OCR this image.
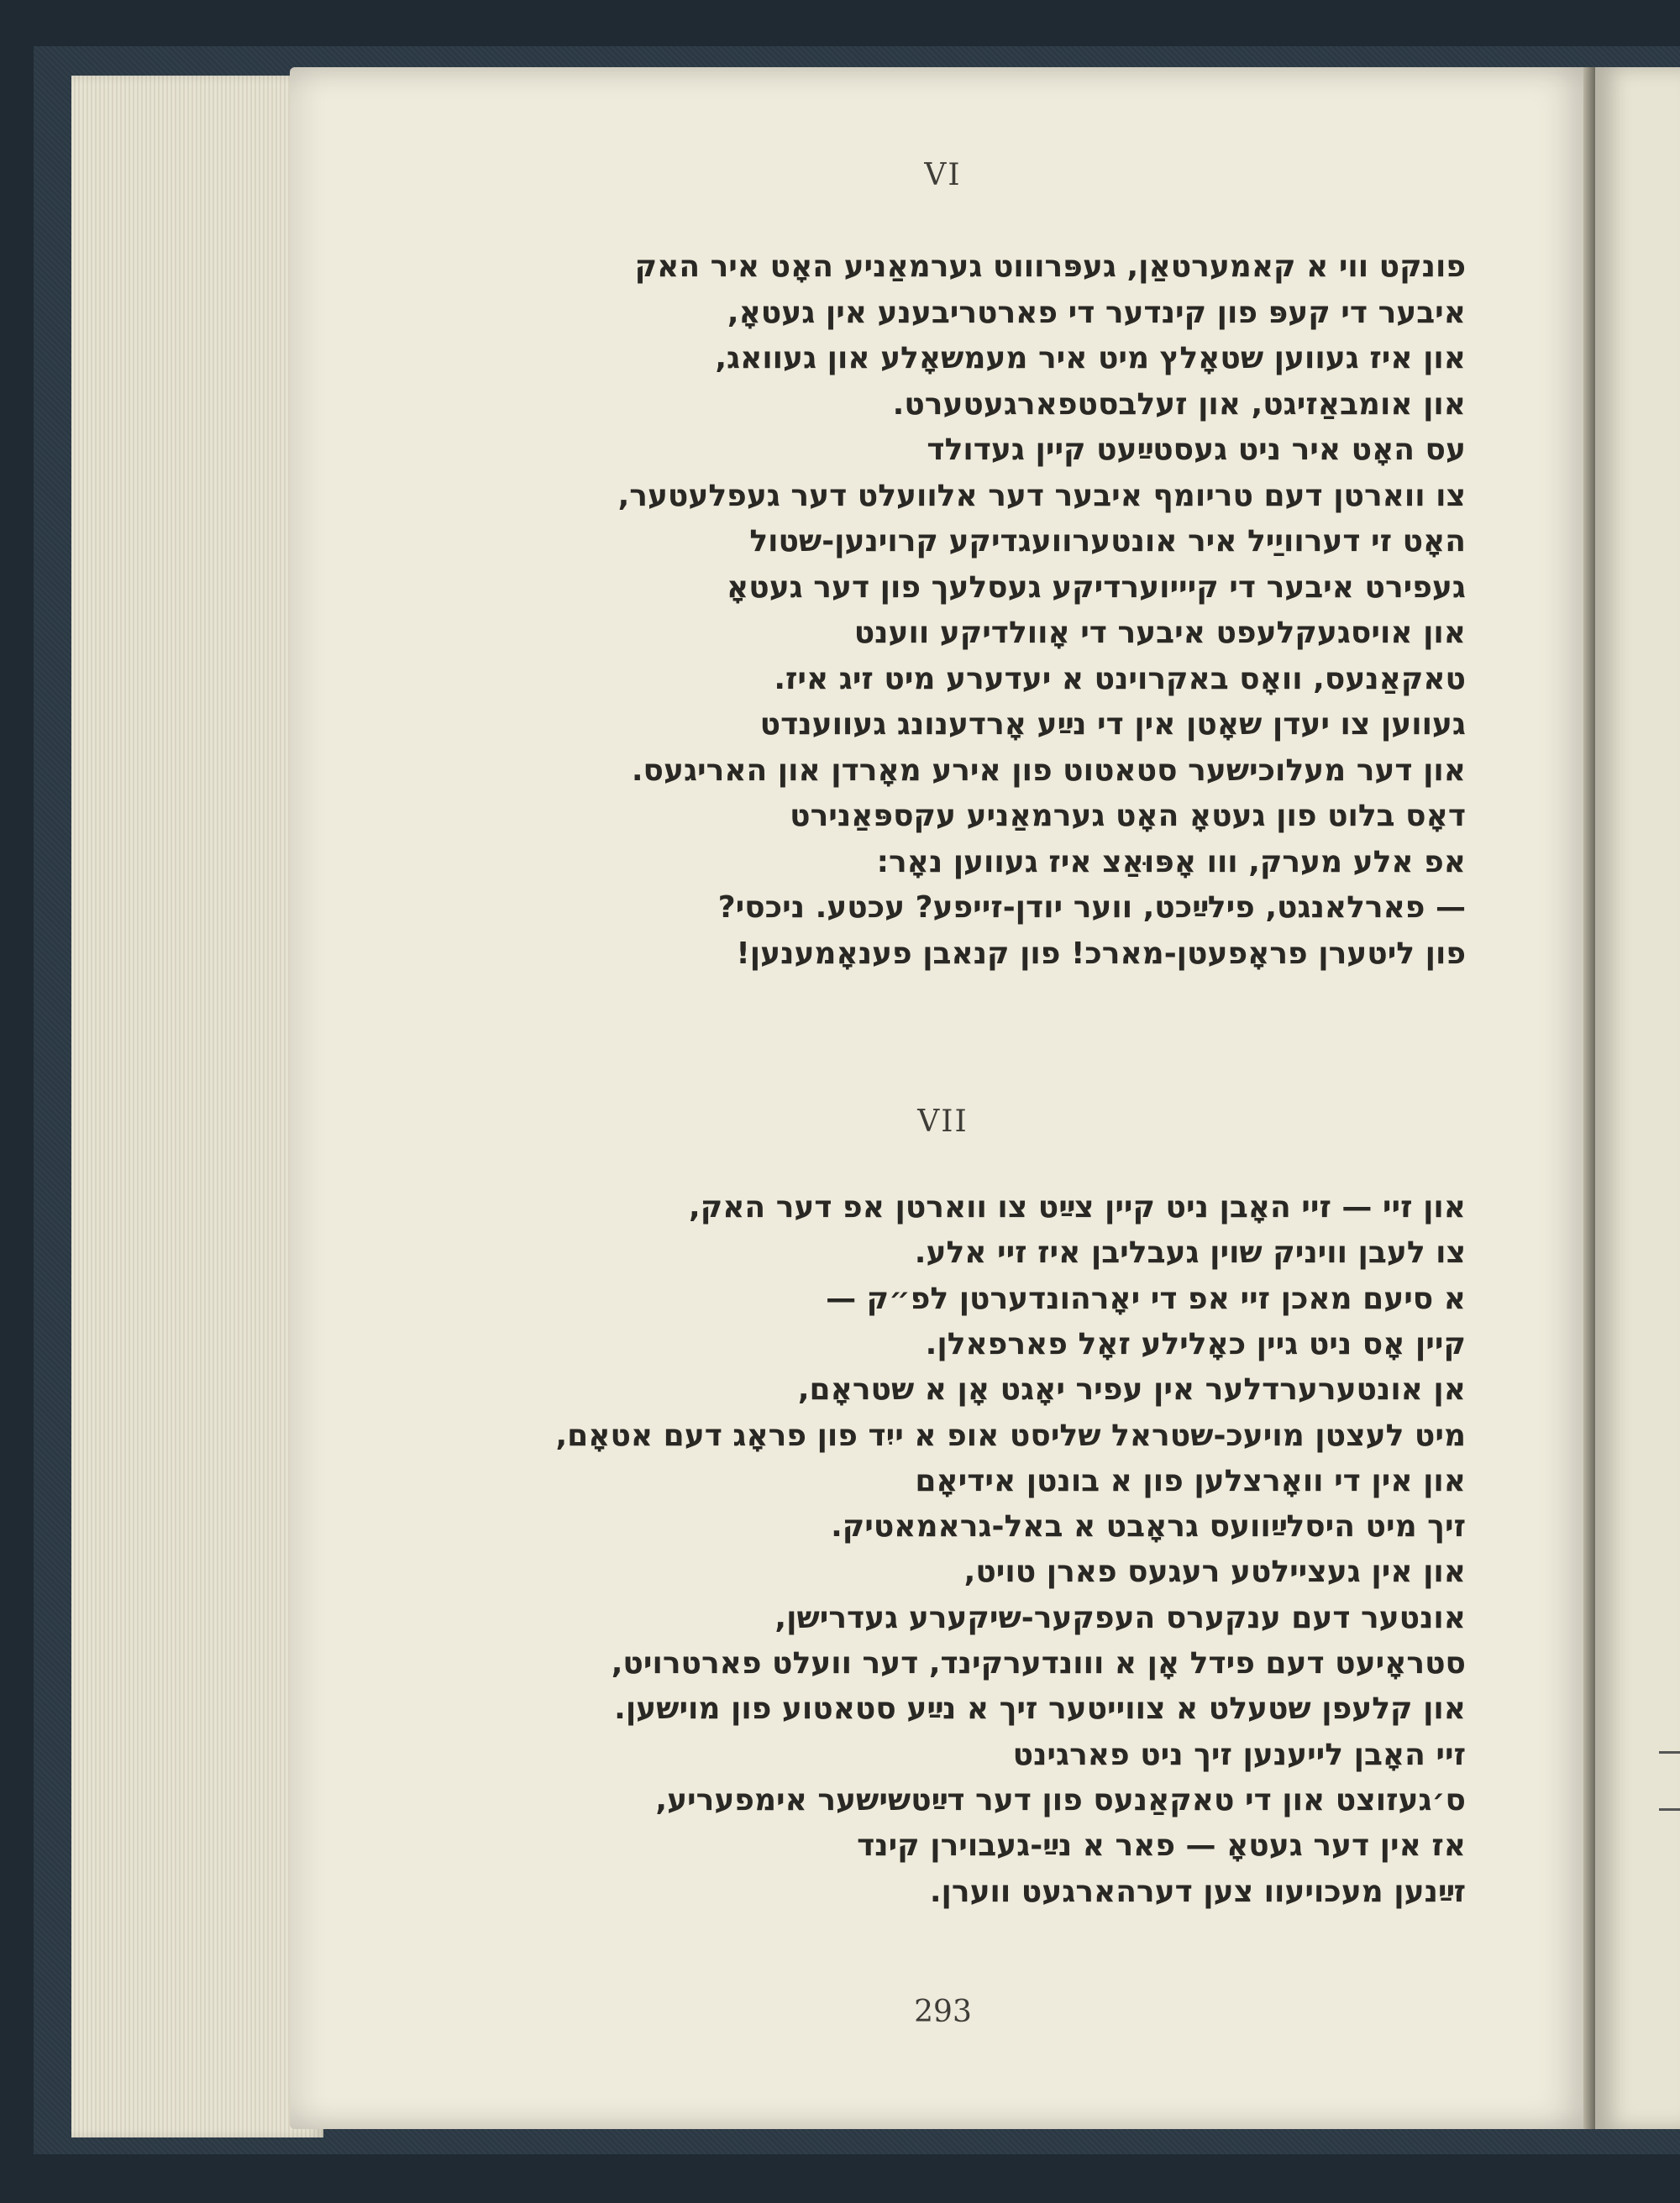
VI
פונקט ווי א קאמערטאַן, געפּרוווט גערמאַניע האָט איר האק
איבער די קעפּ פון קינדער די פארטריבענע אין געטאָ,
און איז געווען שטאָלץ מיט איר מעמשאָלע און געוואג,
און אומבאַזיגט, און זעלבסטפארגעטערט.
עס האָט איר ניט געסטײַעט קיין געדולד
צו ווארטן דעם טריומף איבער דער אלוועלט דער געפלעטער,
האָט זי דערוויַיל איר אונטערוועגדיקע קרוינען-שטול
געפירט איבער די קיייוערדיקע געסלעך פון דער געטאָ
און אויסגעקלעפט איבער די אָוולדיקע ווענט
טאקאַנעס, וואָס באקרוינט א יעדערע מיט זיג איז.
געווען צו יעדן שאָטן אין די נײַע אָרדענונג געווענדט
און דער מעלוכישער סטאטוט פון אירע מאָרדן און האריגעס.
דאָס בלוט פון געטאָ האָט גערמאַניע עקספּאַנירט
אפ אלע מערק, ווו אָפּוּאַצ איז געווען נאָר:
— פארלאנגט, פילײַכט, ווער יודן-זייפע? עכטע. ניכסי?
פון ליטערן פראָפעטן-מארכ! פון קנאבן פענאָמענען!
VII
און זיי — זיי האָבן ניט קיין צײַט צו ווארטן אפ דער האק,
צו לעבן וויניק שוין געבליבן איז זיי אלע.
א סיעם מאכן זיי אפ די יאָרהונדערטן לפ״ק —
קיין אָס ניט גיין כאָלילע זאָל פארפאלן.
אן אונטערערדלער אין עפיר יאָגט אָן א שטראָם,
מיט לעצטן מויעכ-שטראל שליסט אופ א ייִד פון פראָג דעם אטאָם,
און אין די וואָרצלען פון א בונטן אידיאָם
זיך מיט היסלײַוועס גראָבט א באל-גראמאטיק.
און אין געציילטע רעגעס פארן טויט,
אונטער דעם ענקערס העפקער-שיקערע געדרישן,
סטראָיעט דעם פידל אָן א ווונדערקינד, דער וועלט פארטרויט,
און קלעפן שטעלט א צווייטער זיך א נײַע סטאטוע פון מוישען.
זיי האָבן לייענען זיך ניט פארגינט
ס׳געזוצט און די טאקאַנעס פון דער דײַטשישער אימפעריע,
אז אין דער געטאָ — פאר א נײַ-געבוירן קינד
זײַנען מעכויעוו צען דערהארגעט ווערן.
293
